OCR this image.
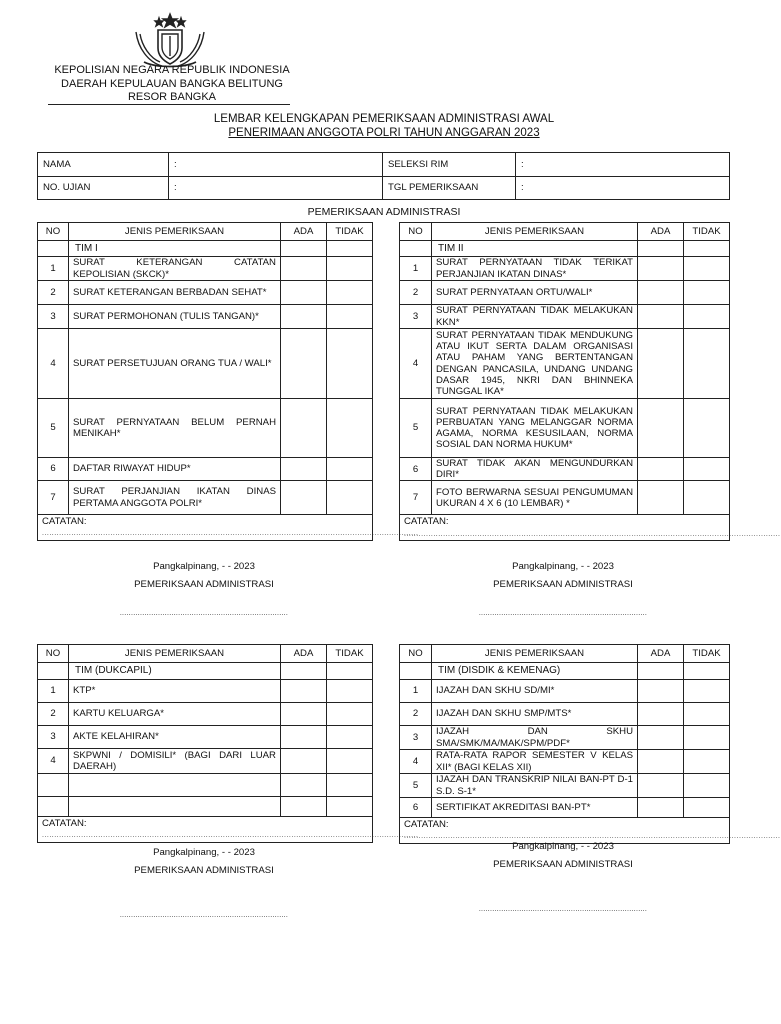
KEPOLISIAN NEGARA REPUBLIK INDONESIA
DAERAH KEPULAUAN BANGKA BELITUNG
RESOR BANGKA
LEMBAR KELENGKAPAN PEMERIKSAAN ADMINISTRASI AWAL
PENERIMAAN ANGGOTA POLRI TAHUN ANGGARAN 2023
NAMA	:	SELEKSI RIM	:
NO. UJIAN	:	TGL PEMERIKSAAN	:
PEMERIKSAAN ADMINISTRASI
NO	JENIS PEMERIKSAAN	ADA	TIDAK
	TIM I		
1	SURAT KETERANGAN CATATAN KEPOLISIAN (SKCK)*		
2	SURAT KETERANGAN BERBADAN SEHAT*		
3	SURAT PERMOHONAN (TULIS TANGAN)*		
4	SURAT PERSETUJUAN ORANG TUA / WALI*		
5	SURAT PERNYATAAN BELUM PERNAH MENIKAH*		
6	DAFTAR RIWAYAT HIDUP*		
7	SURAT PERJANJIAN IKATAN DINAS PERTAMA ANGGOTA POLRI*		

CATATAN:
..........................................................................................................................................................			
NO	JENIS PEMERIKSAAN	ADA	TIDAK
	TIM II		
1	SURAT PERNYATAAN TIDAK TERIKAT PERJANJIAN IKATAN DINAS*		
2	SURAT PERNYATAAN ORTU/WALI*		
3	SURAT PERNYATAAN TIDAK MELAKUKAN KKN*		
4	SURAT PERNYATAAN TIDAK MENDUKUNG ATAU IKUT SERTA DALAM ORGANISASI ATAU PAHAM YANG BERTENTANGAN DENGAN PANCASILA, UNDANG UNDANG DASAR 1945, NKRI DAN BHINNEKA TUNGGAL IKA*		
5	SURAT PERNYATAAN TIDAK MELAKUKAN PERBUATAN YANG MELANGGAR NORMA AGAMA, NORMA KESUSILAAN, NORMA SOSIAL DAN NORMA HUKUM*		
6	SURAT TIDAK AKAN MENGUNDURKAN DIRI*		
7	FOTO BERWARNA SESUAI PENGUMUMAN UKURAN 4 X 6 (10 LEMBAR) *		

CATATAN:
..........................................................................................................................................................			
Pangkalpinang, - - 2023
PEMERIKSAAN ADMINISTRASI
...........................................................................
Pangkalpinang, - - 2023
PEMERIKSAAN ADMINISTRASI
...........................................................................
NO	JENIS PEMERIKSAAN	ADA	TIDAK
	TIM (DUKCAPIL)		
1	KTP*		
2	KARTU KELUARGA*		
3	AKTE KELAHIRAN*		
4	SKPWNI / DOMISILI* (BAGI DARI LUAR DAERAH)		

CATATAN:
..........................................................................................................................................................			
NO	JENIS PEMERIKSAAN	ADA	TIDAK
	TIM (DISDIK & KEMENAG)		
1	IJAZAH DAN SKHU SD/MI*		
2	IJAZAH DAN SKHU SMP/MTS*		
3	IJAZAH DAN SKHU SMA/SMK/MA/MAK/SPM/PDF*		
4	RATA-RATA RAPOR SEMESTER V KELAS XII* (BAGI KELAS XII)		
5	IJAZAH DAN TRANSKRIP NILAI BAN-PT D-1 S.D. S-1*		
6	SERTIFIKAT AKREDITASI BAN-PT*		

CATATAN:
..........................................................................................................................................................			
Pangkalpinang, - - 2023
PEMERIKSAAN ADMINISTRASI
...........................................................................
Pangkalpinang, - - 2023
PEMERIKSAAN ADMINISTRASI
...........................................................................
